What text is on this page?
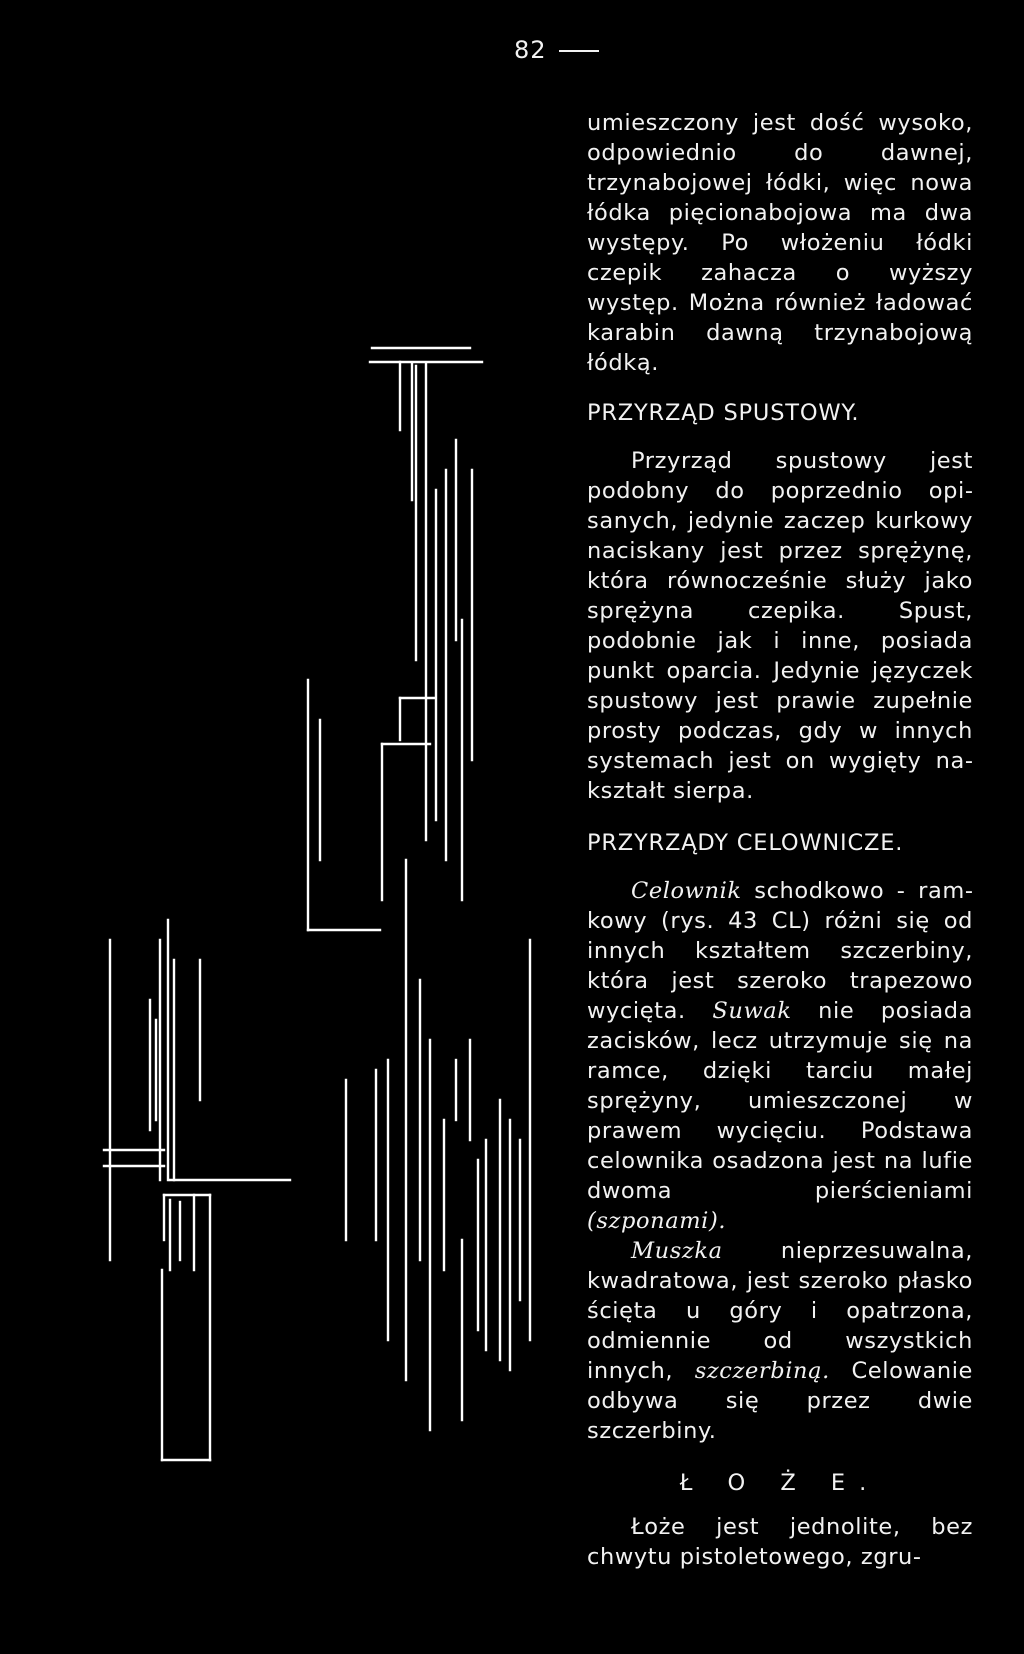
82

umieszczony jest dość wysoko, odpowiednio do dawnej, trzynabojowej łódki, więc nowa łódka pięcionabojowa ma dwa występy. Po włożeniu łódki czepik zahacza o wyższy występ. Można również ładować karabin dawną trzynabojową łódką.

PRZYRZĄD SPUSTOWY.

Przyrząd spustowy jest podobny do poprzednio opisanych, jedynie zaczep kurkowy naciskany jest przez sprężynę, która równocześnie służy jako sprężyna czepika. Spust, podobnie jak i inne, posiada punkt oparcia. Jedynie języczek spustowy jest prawie zupełnie prosty podczas, gdy w innych systemach jest on wygięty nakształt sierpa.

PRZYRZĄDY CELOWNICZE.

Celownik schodkowo - ramkowy (rys. 43 CL) różni się od innych kształtem szczerbiny, która jest szeroko trapezowo wycięta. Suwak nie posiada zacisków, lecz utrzymuje się na ramce, dzięki tarciu małej sprężyny, umieszczonej w prawem wycięciu. Podstawa celownika osadzona jest na lufie dwoma pierścieniami (szponami).

Muszka nieprzesuwalna, kwadratowa, jest szeroko płasko ścięta u góry i opatrzona, odmiennie od wszystkich innych, szczerbiną. Celowanie odbywa się przez dwie szczerbiny.

Ł O Ż E.

Łoże jest jednolite, bez chwytu pistoletowego, zgru-
